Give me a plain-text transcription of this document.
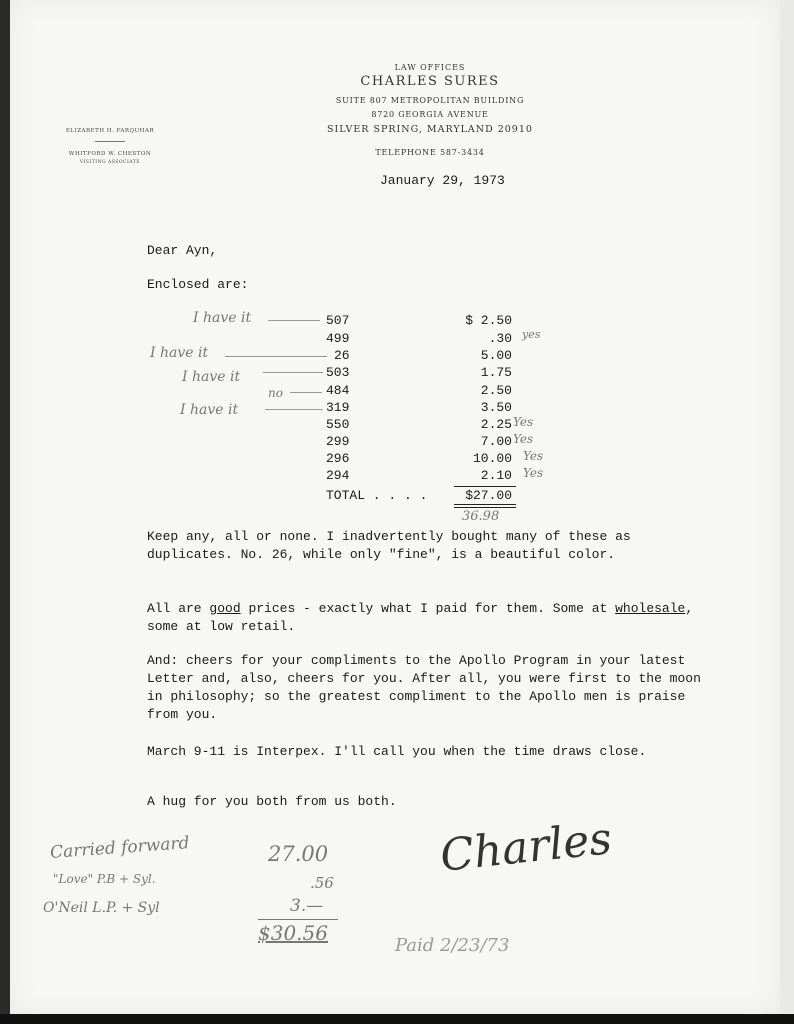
LAW OFFICES
CHARLES SURES
SUITE 807 METROPOLITAN BUILDING
8720 GEORGIA AVENUE
SILVER SPRING, MARYLAND 20910
TELEPHONE 587-3434
ELIZABETH H. FARQUHAR
WHITFORD W. CHESTON
VISITING ASSOCIATE
January 29, 1973
Dear Ayn,
Enclosed are:
507	$ 2.50
499	.30
26	5.00
503	1.75
484	2.50
319	3.50
550	2.25
299	7.00
296	10.00
294	2.10
TOTAL . . . .	$27.00
I have it
yes
I have it
I have it
no
I have it
Yes
Yes
Yes
Yes
36.98
Keep any, all or none. I inadvertently bought many of these as duplicates. No. 26, while only "fine", is a beautiful color.
All are good prices - exactly what I paid for them. Some at wholesale, some at low retail.
And: cheers for your compliments to the Apollo Program in your latest Letter and, also, cheers for you. After all, you were first to the moon in philosophy; so the greatest compliment to the Apollo men is praise from you.
March 9-11 is Interpex. I'll call you when the time draws close.
A hug for you both from us both.
Charles
Carried forward	27.00
"Love" P.B + Syl.	.56
O'Neil L.P. + Syl	3.—
$30.56
Paid 2/23/73
